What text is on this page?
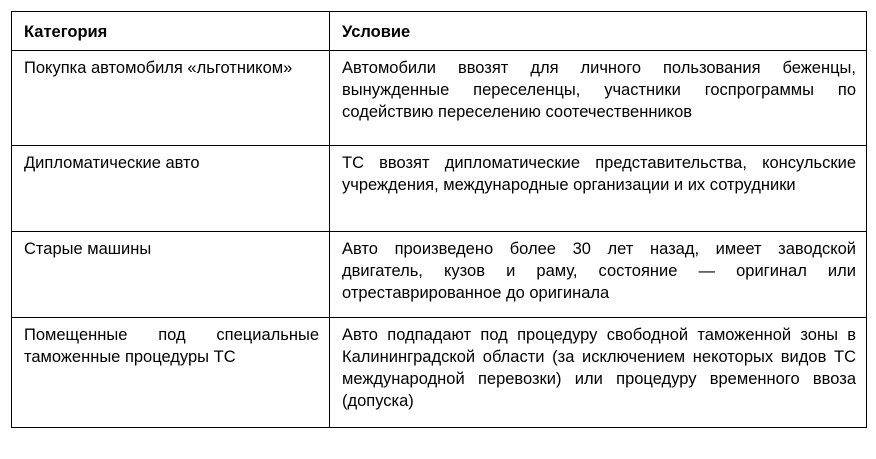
Категория	Условие

Покупка автомобиля «льготником»	Автомобили ввозят для личного пользования беженцы, вынужденные переселенцы, участники госпрограммы по содействию переселению соотечественников

Дипломатические авто	ТС ввозят дипломатические представительства, консульские учреждения, международные организации и их сотрудники

Старые машины	Авто произведено более 30 лет назад, имеет заводской двигатель, кузов и раму, состояние — оригинал или отреставрированное до оригинала

Помещенные под специальные таможенные процедуры ТС	Авто подпадают под процедуру свободной таможенной зоны в Калининградской области (за исключением некоторых видов ТС международной перевозки) или процедуру временного ввоза (допуска)
